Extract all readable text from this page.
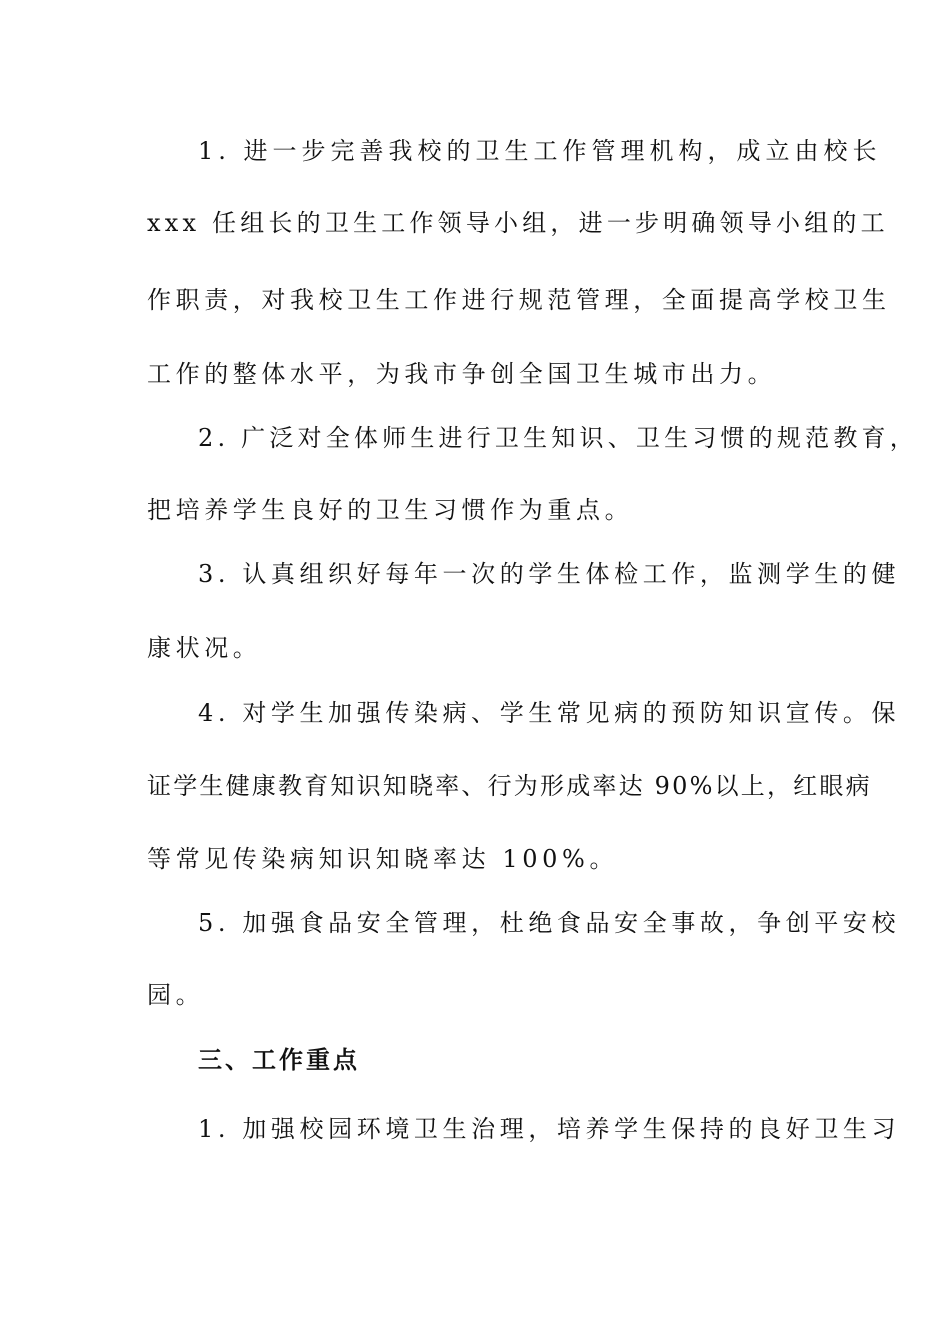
1. 进一步完善我校的卫生工作管理机构，成立由校长
xxx 任组长的卫生工作领导小组，进一步明确领导小组的工
作职责，对我校卫生工作进行规范管理，全面提高学校卫生
工作的整体水平，为我市争创全国卫生城市出力。
2. 广泛对全体师生进行卫生知识、卫生习惯的规范教育，
把培养学生良好的卫生习惯作为重点。
3. 认真组织好每年一次的学生体检工作，监测学生的健
康状况。
4. 对学生加强传染病、学生常见病的预防知识宣传。保
证学生健康教育知识知晓率、行为形成率达 90%以上，红眼病
等常见传染病知识知晓率达 100%。
5. 加强食品安全管理，杜绝食品安全事故，争创平安校
园。
三、工作重点
1. 加强校园环境卫生治理，培养学生保持的良好卫生习
